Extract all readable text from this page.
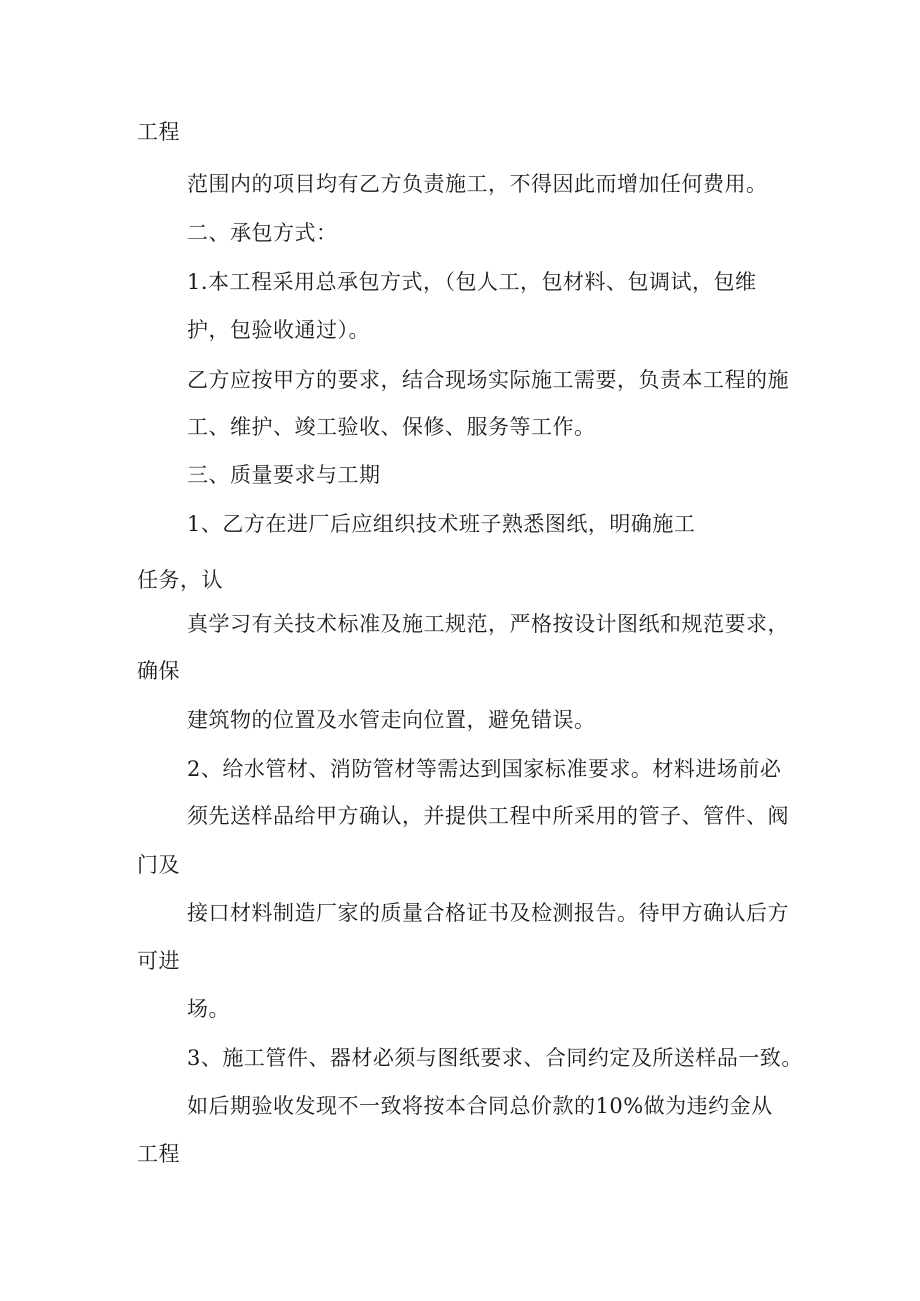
工程
范围内的项目均有乙方负责施工，不得因此而增加任何费用。
二、承包方式：
1.本工程采用总承包方式，（包人工，包材料、包调试，包维
护，包验收通过）。
乙方应按甲方的要求，结合现场实际施工需要，负责本工程的施
工、维护、竣工验收、保修、服务等工作。
三、质量要求与工期
1、乙方在进厂后应组织技术班子熟悉图纸，明确施工
任务，认
真学习有关技术标准及施工规范，严格按设计图纸和规范要求，
确保
建筑物的位置及水管走向位置，避免错误。
2、给水管材、消防管材等需达到国家标准要求。材料进场前必
须先送样品给甲方确认，并提供工程中所采用的管子、管件、阀
门及
接口材料制造厂家的质量合格证书及检测报告。待甲方确认后方
可进
场。
3、施工管件、器材必须与图纸要求、合同约定及所送样品一致。
如后期验收发现不一致将按本合同总价款的10%做为违约金从
工程
